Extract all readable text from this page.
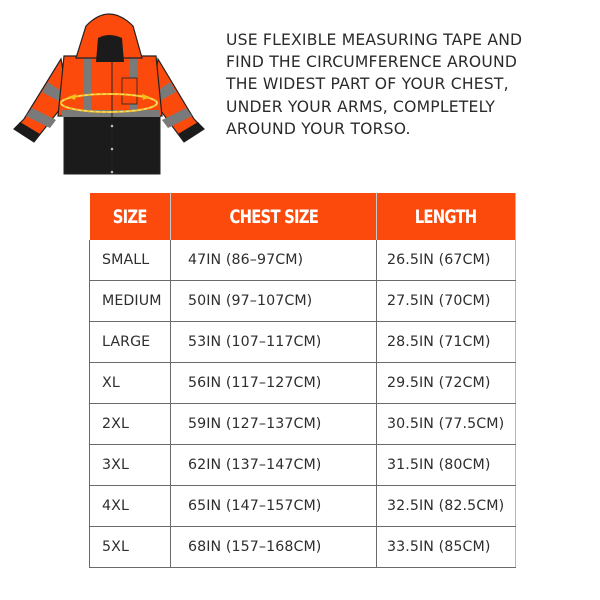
USE FLEXIBLE MEASURING TAPE AND
FIND THE CIRCUMFERENCE AROUND
THE WIDEST PART OF YOUR CHEST,
UNDER YOUR ARMS, COMPLETELY
AROUND YOUR TORSO.
SIZE	CHEST SIZE	LENGTH
SMALL	47IN (86–97CM)	26.5IN (67CM)
MEDIUM	50IN (97–107CM)	27.5IN (70CM)
LARGE	53IN (107–117CM)	28.5IN (71CM)
XL	56IN (117–127CM)	29.5IN (72CM)
2XL	59IN (127–137CM)	30.5IN (77.5CM)
3XL	62IN (137–147CM)	31.5IN (80CM)
4XL	65IN (147–157CM)	32.5IN (82.5CM)
5XL	68IN (157–168CM)	33.5IN (85CM)
